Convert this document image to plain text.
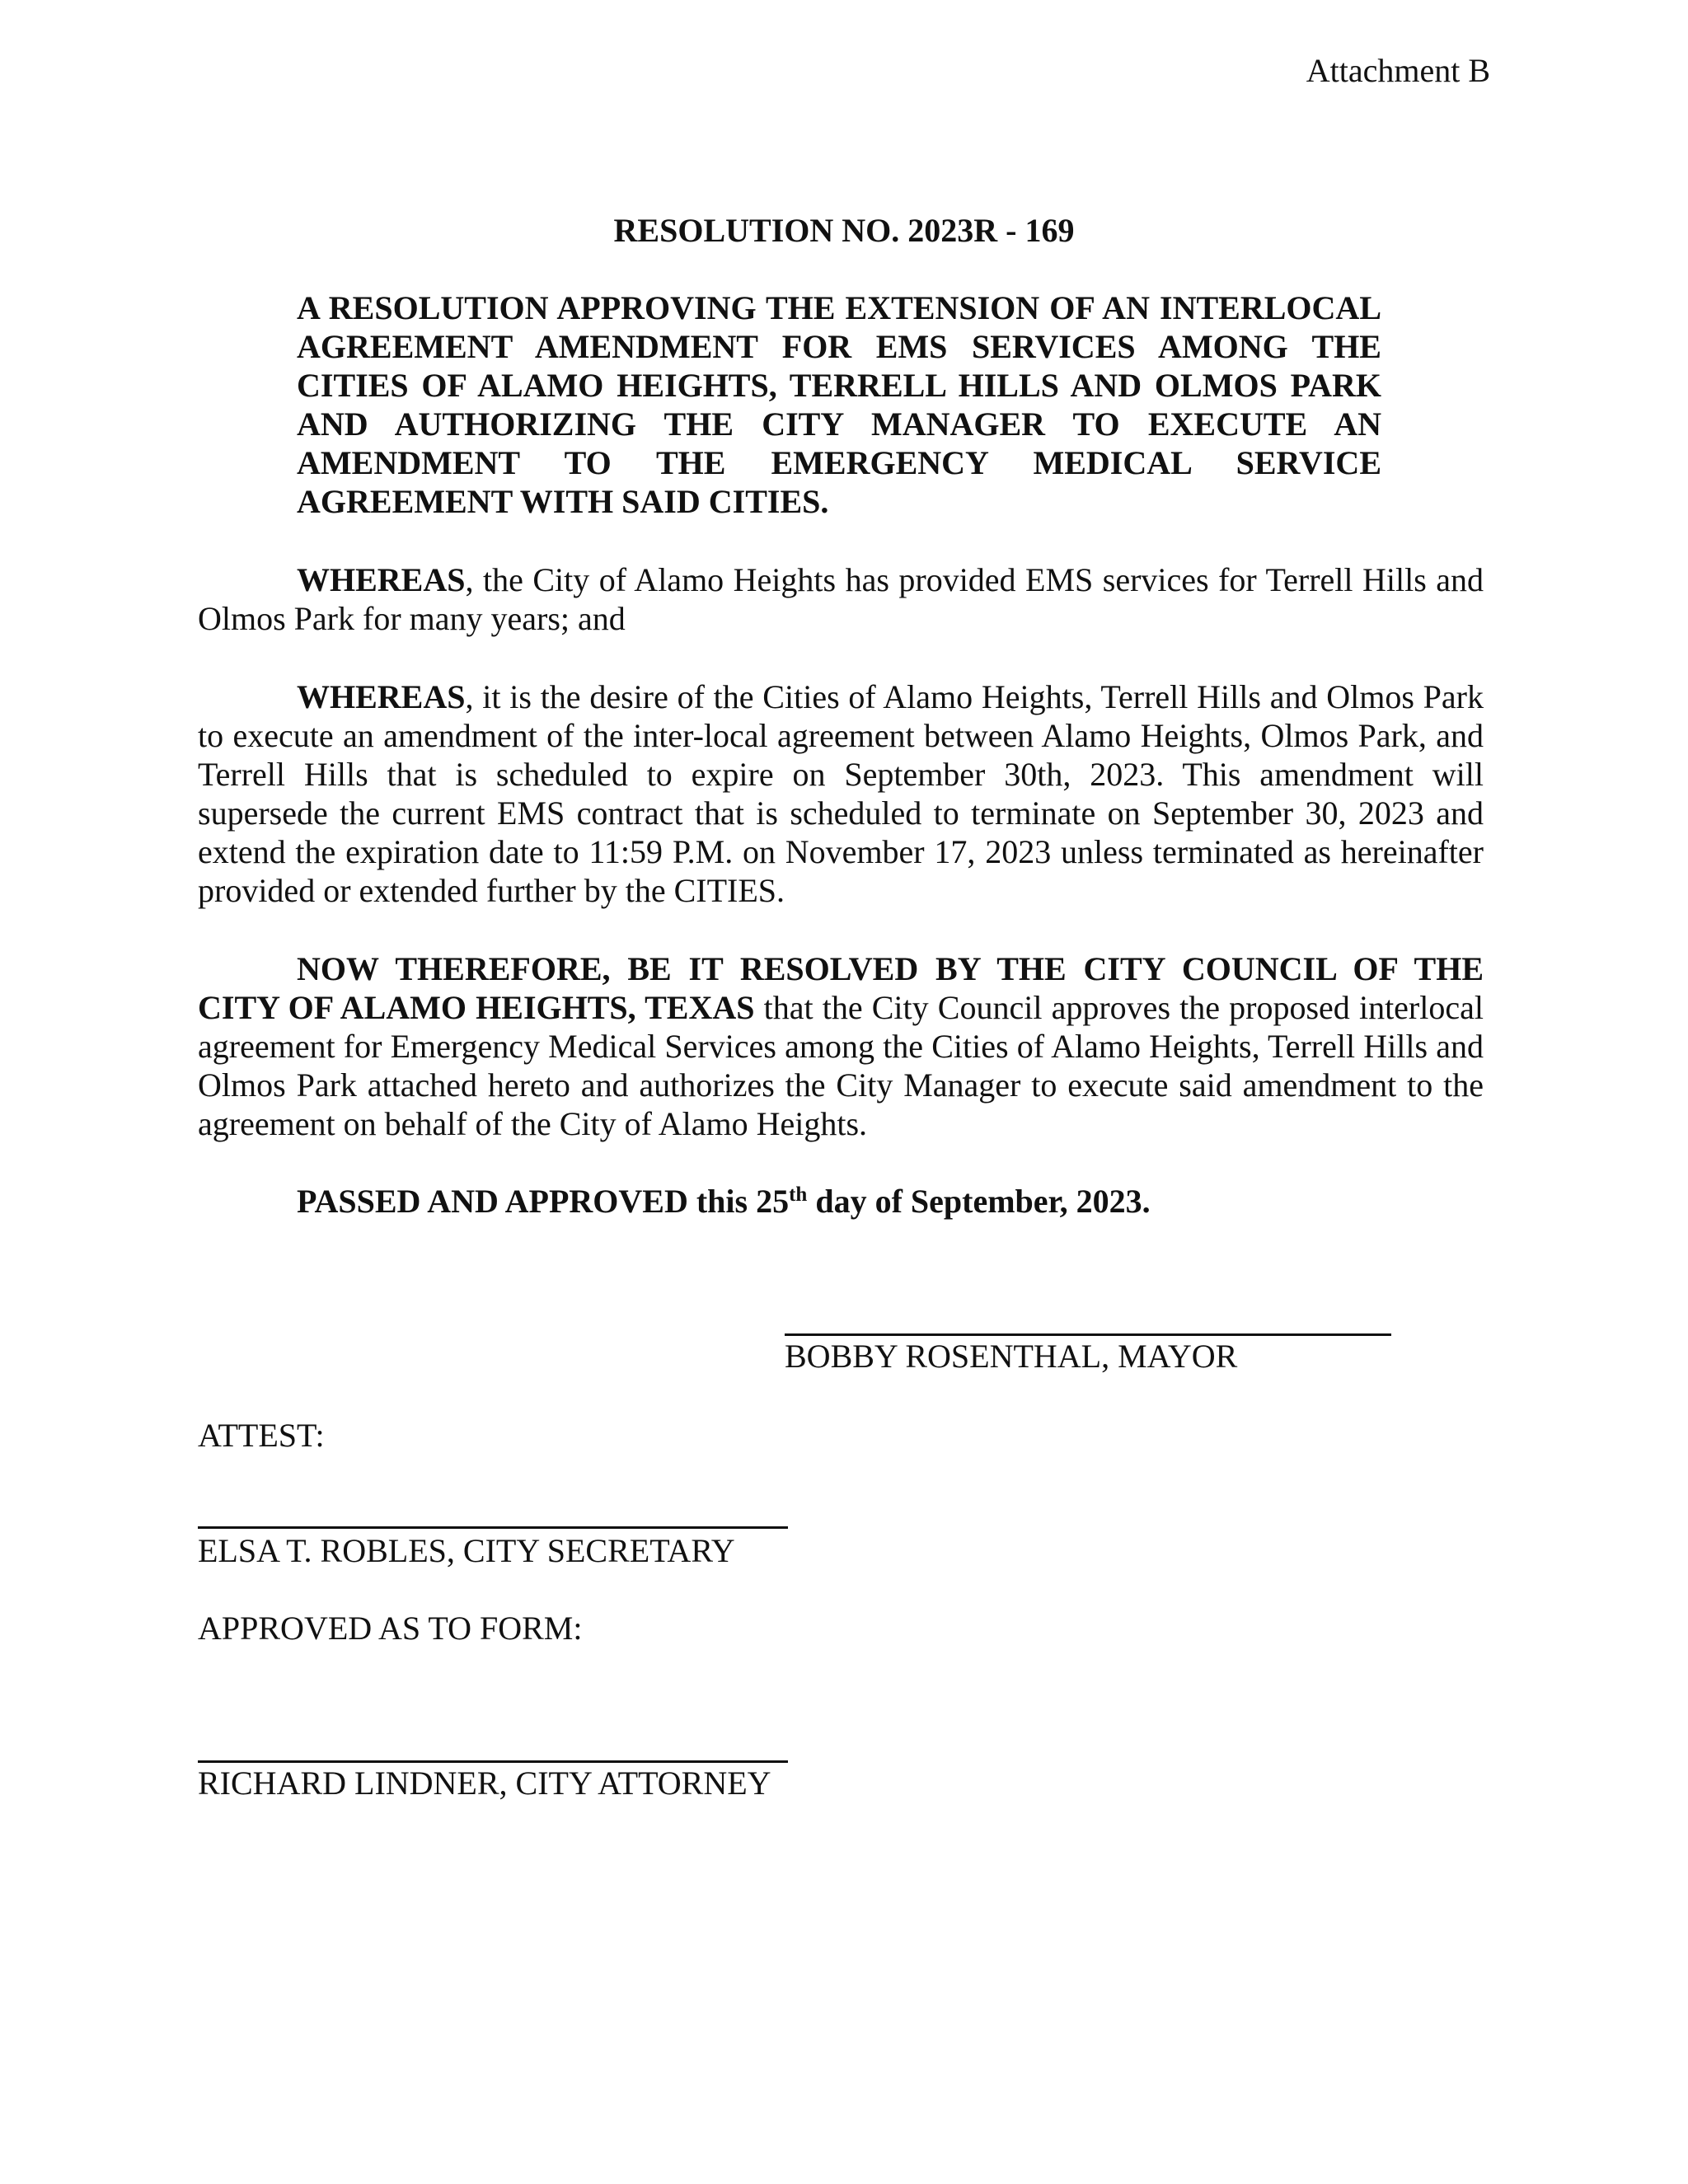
Attachment B
RESOLUTION NO. 2023R - 169

A RESOLUTION APPROVING THE EXTENSION OF AN INTERLOCAL AGREEMENT AMENDMENT FOR EMS SERVICES AMONG THE CITIES OF ALAMO HEIGHTS, TERRELL HILLS AND OLMOS PARK AND AUTHORIZING THE CITY MANAGER TO EXECUTE AN AMENDMENT TO THE EMERGENCY MEDICAL SERVICE AGREEMENT WITH SAID CITIES.

WHEREAS, the City of Alamo Heights has provided EMS services for Terrell Hills and Olmos Park for many years; and

WHEREAS, it is the desire of the Cities of Alamo Heights, Terrell Hills and Olmos Park to execute an amendment of the inter-local agreement between Alamo Heights, Olmos Park, and Terrell Hills that is scheduled to expire on September 30th, 2023. This amendment will supersede the current EMS contract that is scheduled to terminate on September 30, 2023 and extend the expiration date to 11:59 P.M. on November 17, 2023 unless terminated as hereinafter provided or extended further by the CITIES.

NOW THEREFORE, BE IT RESOLVED BY THE CITY COUNCIL OF THE CITY OF ALAMO HEIGHTS, TEXAS that the City Council approves the proposed interlocal agreement for Emergency Medical Services among the Cities of Alamo Heights, Terrell Hills and Olmos Park attached hereto and authorizes the City Manager to execute said amendment to the agreement on behalf of the City of Alamo Heights.

PASSED AND APPROVED this 25th day of September, 2023.
BOBBY ROSENTHAL, MAYOR
ATTEST:
ELSA T. ROBLES, CITY SECRETARY
APPROVED AS TO FORM:
RICHARD LINDNER, CITY ATTORNEY
